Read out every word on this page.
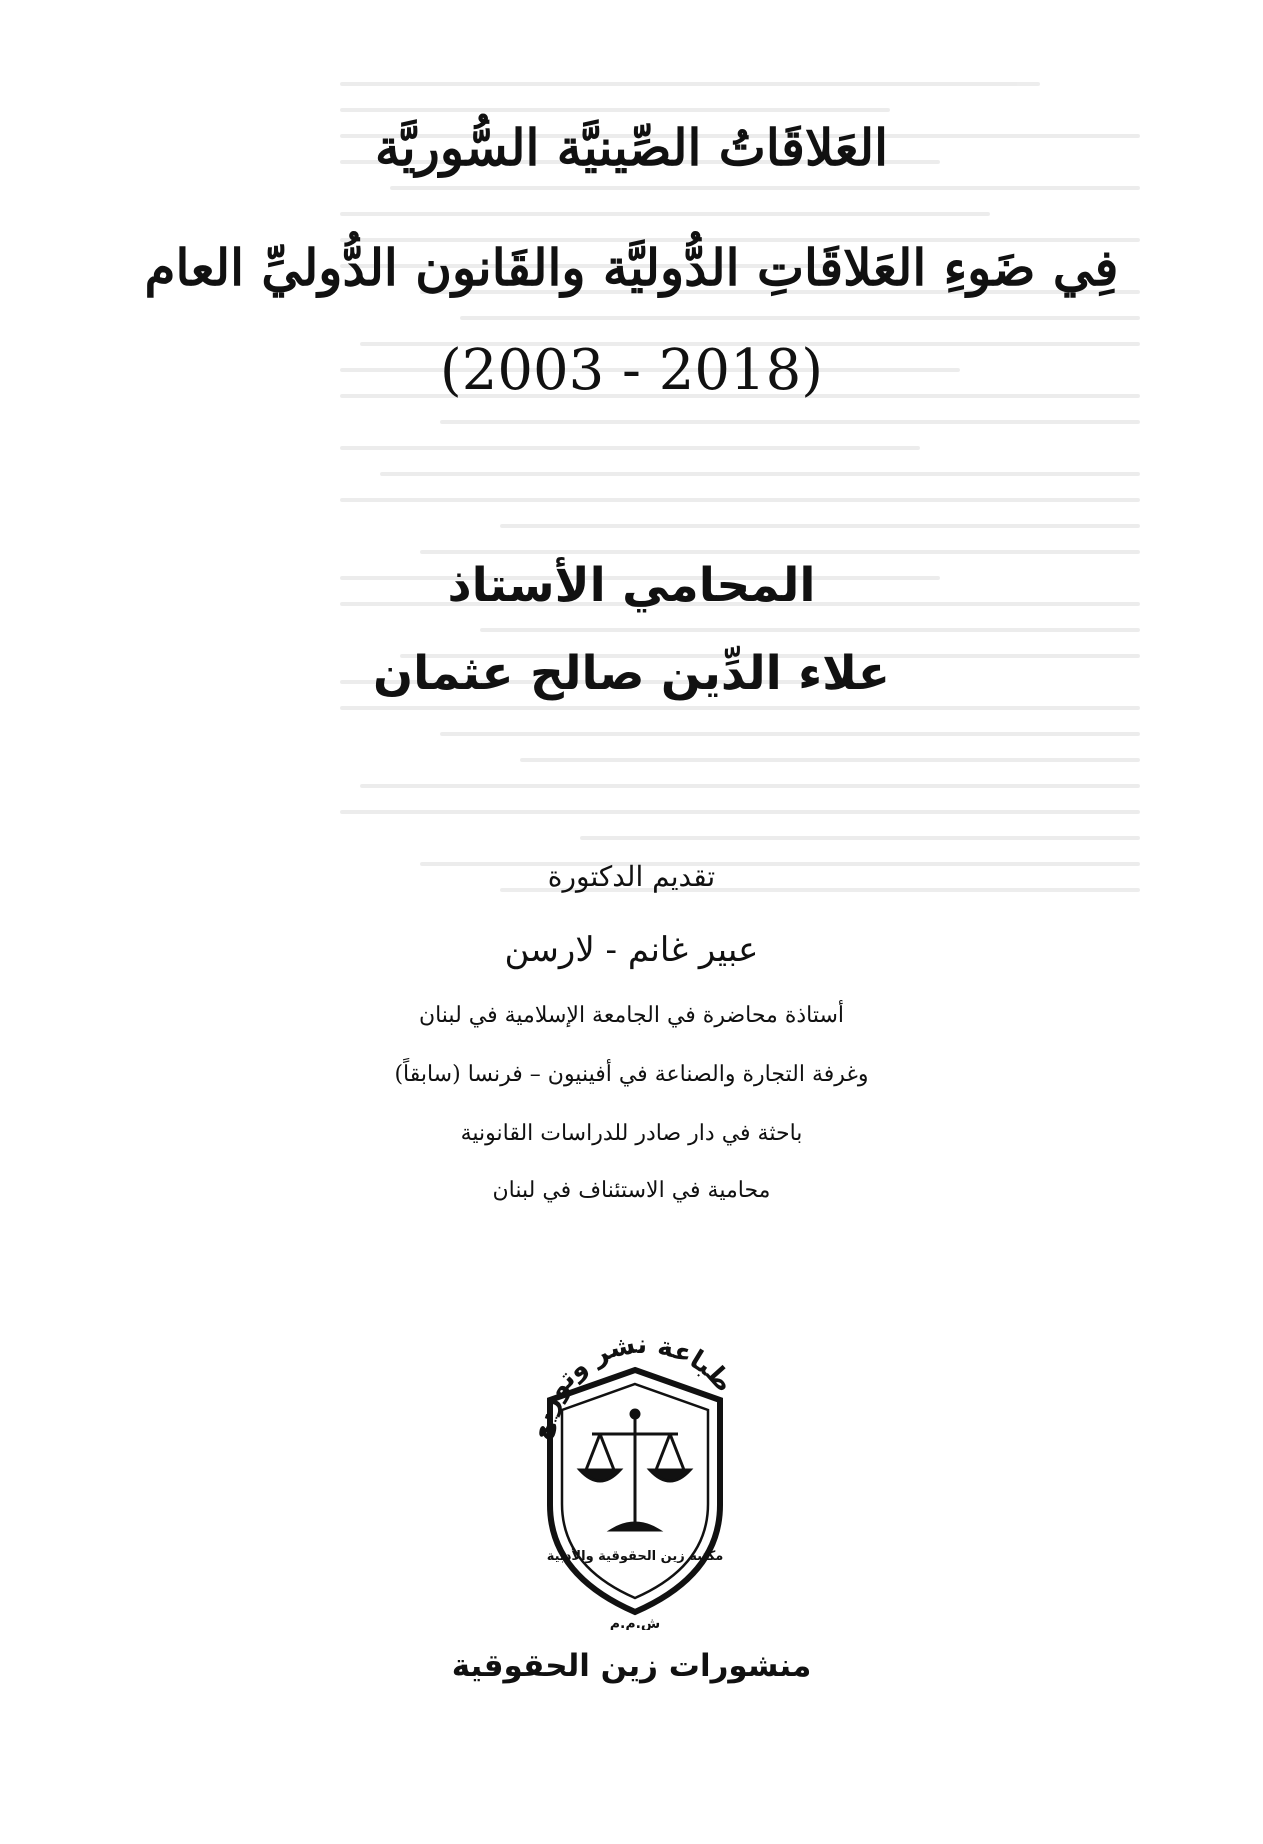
العَلاقَاتُ الصِّينيَّة السُّوريَّة
فِي ضَوءِ العَلاقَاتِ الدُّوليَّة والقَانون الدُّوليِّ العام
(2003 - 2018)
المحامي الأستاذ
علاء الدِّين صالح عثمان
تقديم الدكتورة
عبير غانم - لارسن
أستاذة محاضرة في الجامعة الإسلامية في لبنان
وغرفة التجارة والصناعة في أفينيون – فرنسا (سابقاً)
باحثة في دار صادر للدراسات القانونية
محامية في الاستئناف في لبنان
طباعة نشر وتوزيع
مكتبة زين الحقوقية والأدبية
ش.م.م
منشورات زين الحقوقية
